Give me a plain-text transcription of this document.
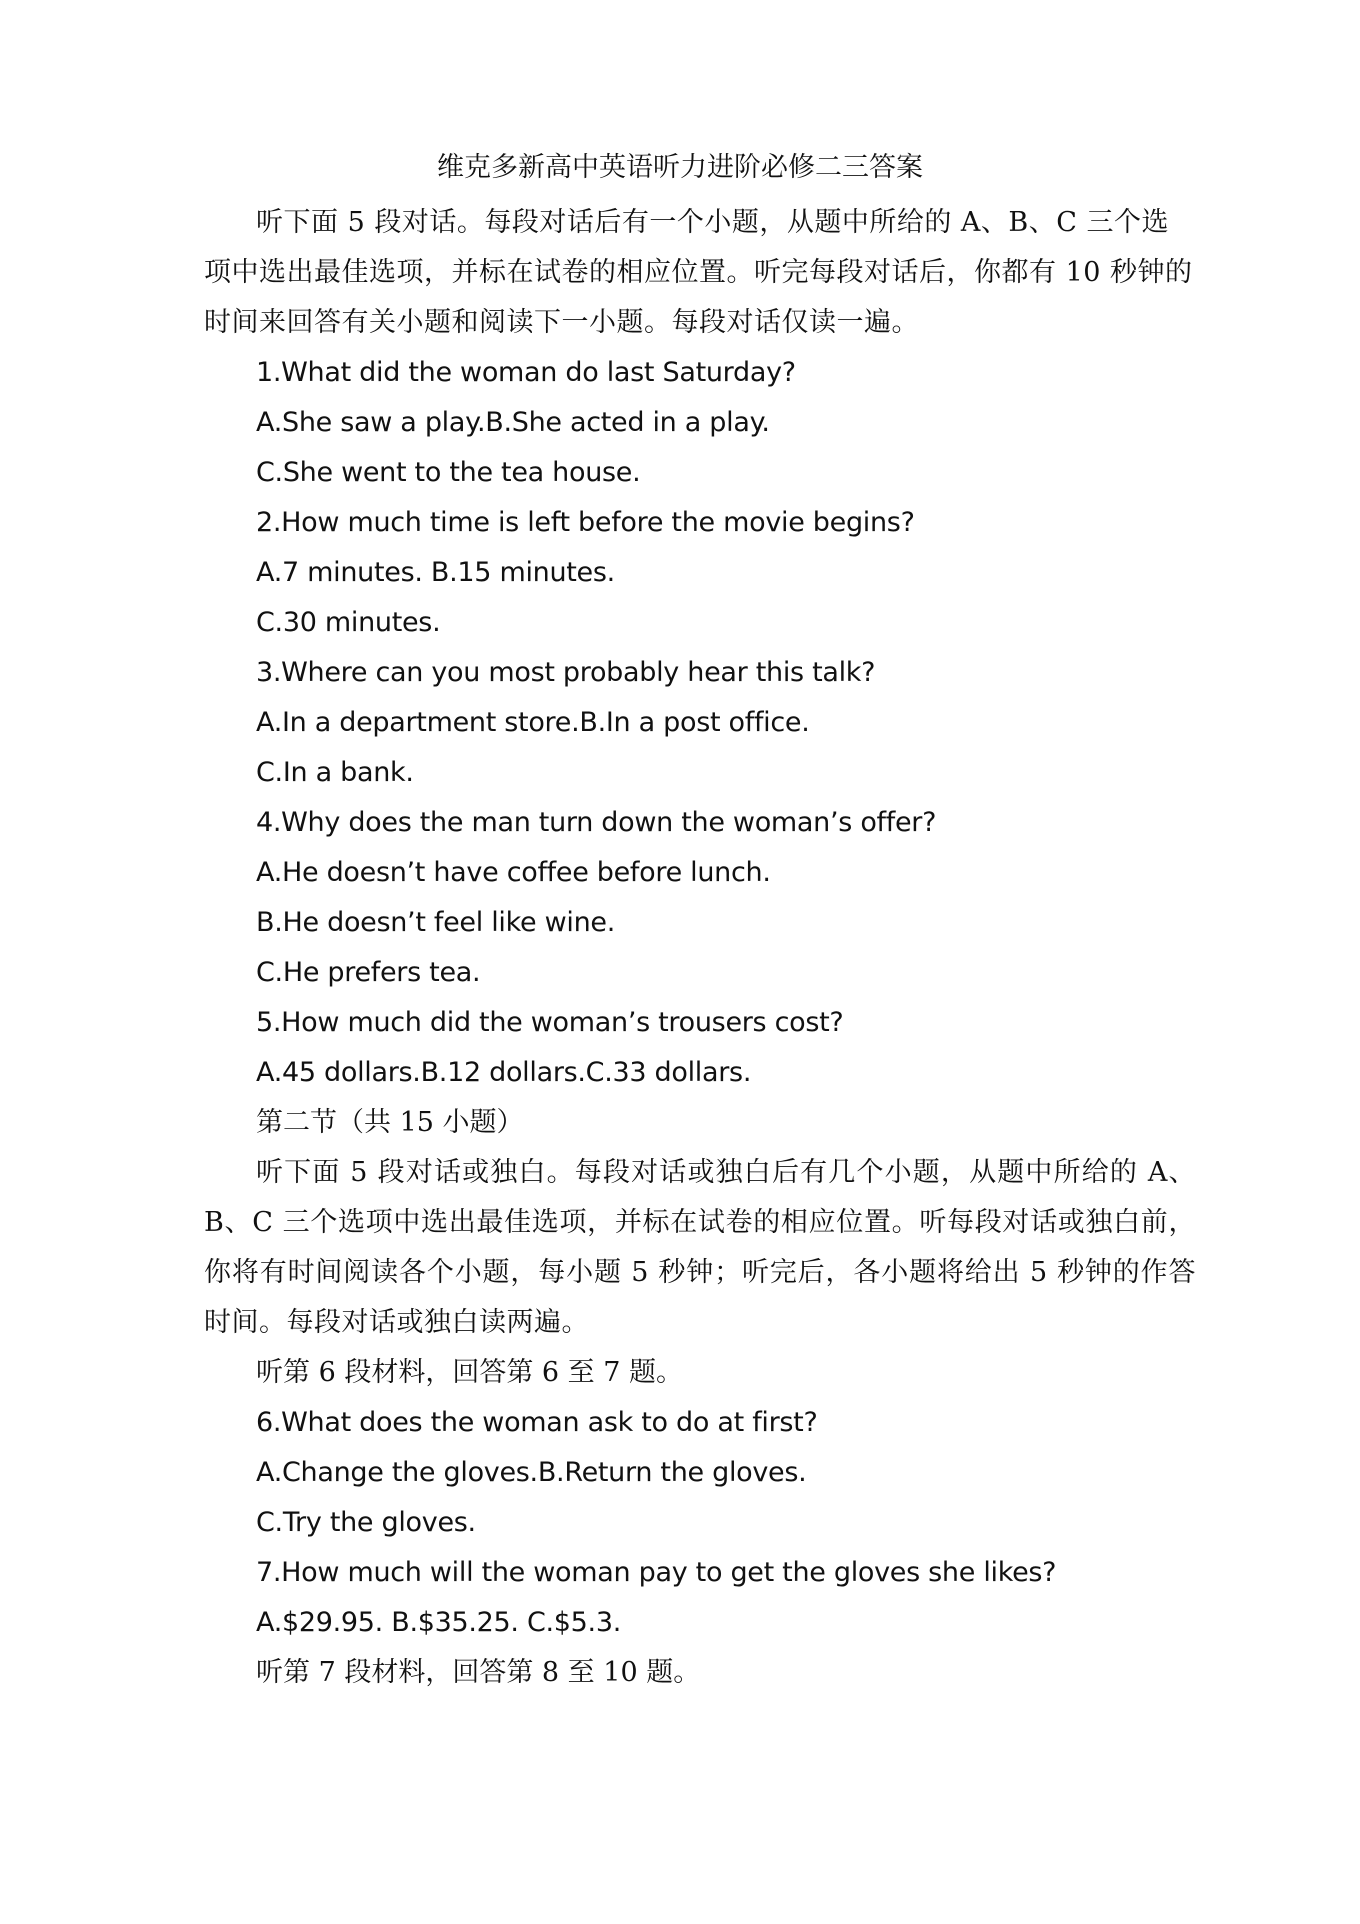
维克多新高中英语听力进阶必修二三答案

听下面 5 段对话。每段对话后有一个小题，从题中所给的 A、B、C 三个选项中选出最佳选项，并标在试卷的相应位置。听完每段对话后，你都有 10 秒钟的时间来回答有关小题和阅读下一小题。每段对话仅读一遍。

1.What did the woman do last Saturday?

A.She saw a play.B.She acted in a play.

C.She went to the tea house.

2.How much time is left before the movie begins?

A.7 minutes. B.15 minutes.

C.30 minutes.

3.Where can you most probably hear this talk?

A.In a department store.B.In a post office.

C.In a bank.

4.Why does the man turn down the woman’s offer?

A.He doesn’t have coffee before lunch.

B.He doesn’t feel like wine.

C.He prefers tea.

5.How much did the woman’s trousers cost?

A.45 dollars.B.12 dollars.C.33 dollars.

第二节（共 15 小题）

听下面 5 段对话或独白。每段对话或独白后有几个小题，从题中所给的 A、B、C 三个选项中选出最佳选项，并标在试卷的相应位置。听每段对话或独白前，你将有时间阅读各个小题，每小题 5 秒钟；听完后，各小题将给出 5 秒钟的作答时间。每段对话或独白读两遍。

听第 6 段材料，回答第 6 至 7 题。

6.What does the woman ask to do at first?

A.Change the gloves.B.Return the gloves.

C.Try the gloves.

7.How much will the woman pay to get the gloves she likes?

A.$29.95. B.$35.25. C.$5.3.

听第 7 段材料，回答第 8 至 10 题。
